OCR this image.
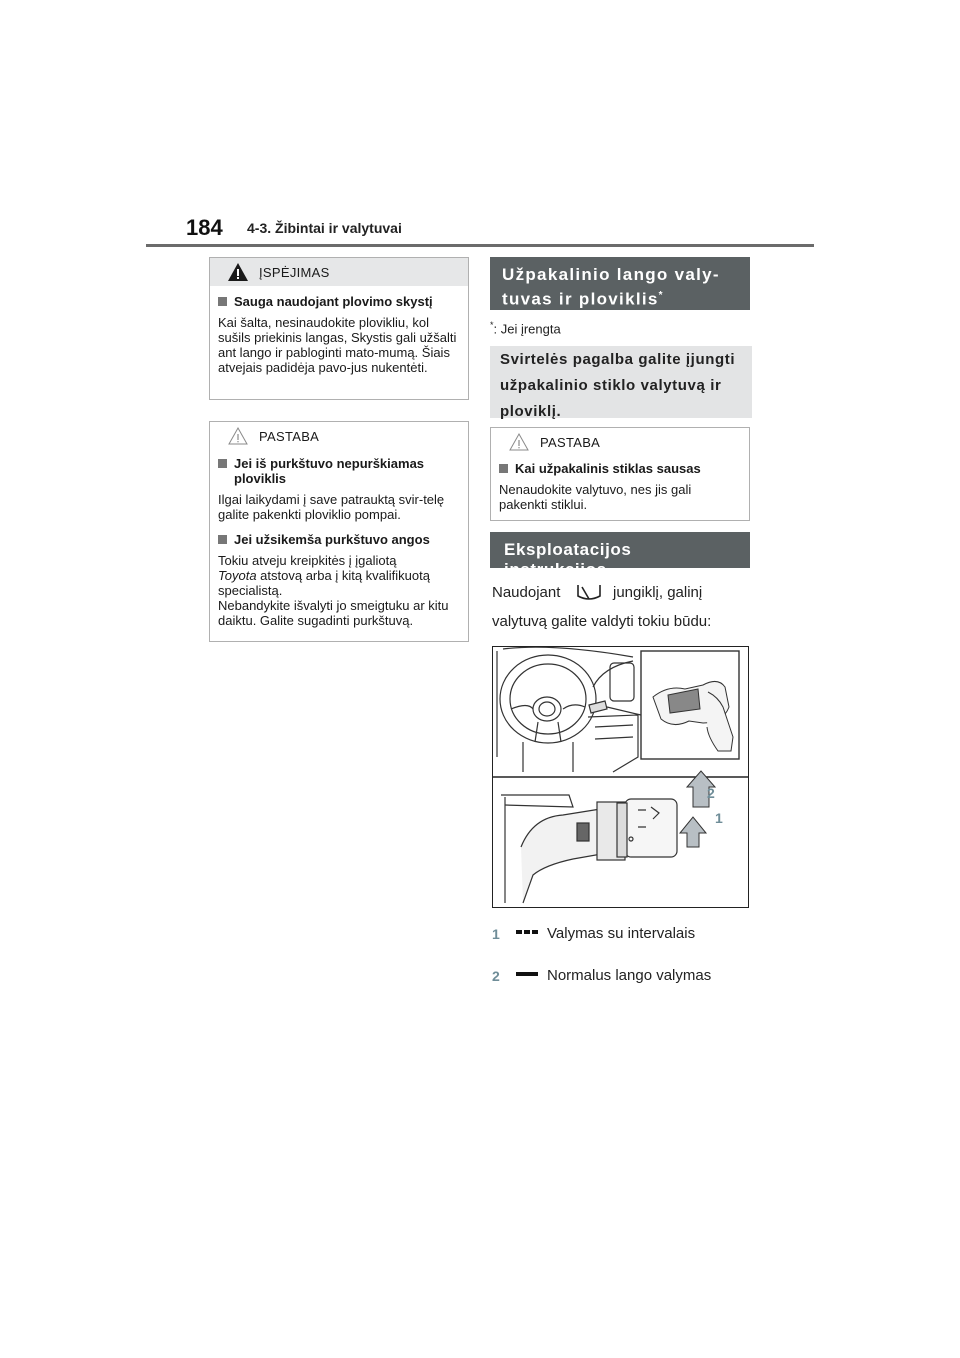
184 4-3. Žibintai ir valytuvai
ĮSPĖJIMAS
Sauga naudojant plovimo skystį
Kai šalta, nesinaudokite plovikliu, kol sušils priekinis langas, Skystis gali užšalti ant lango ir pabloginti mato-mumą. Šiais atvejais padidėja pavo-jus nukentėti.
PASTABA
Jei iš purkštuvo nepurškiamas ploviklis
Ilgai laikydami į save patrauktą svir-telę galite pakenkti ploviklio pompai.
Jei užsikemša purkštuvo angos
Tokiu atveju kreipkitės į įgaliotą
Toyota atstovą arba į kitą kvalifikuotą specialistą.
Nebandykite išvalyti jo smeigtuku ar kitu daiktu. Galite sugadinti purkštuvą.
Užpakalinio lango valy-
tuvas ir ploviklis*
*: Jei įrengta
Svirtelės pagalba galite įjungti užpakalinio stiklo valytuvą ir ploviklį.
PASTABA
Kai užpakalinis stiklas sausas
Nenaudokite valytuvo, nes jis gali pakenkti stiklui.
Eksploatacijos instrukcijos
Naudojant	jungiklį, galinį
valytuvą galite valdyti tokiu būdu:
2
1
1	Valymas su intervalais
2	Normalus lango valymas
